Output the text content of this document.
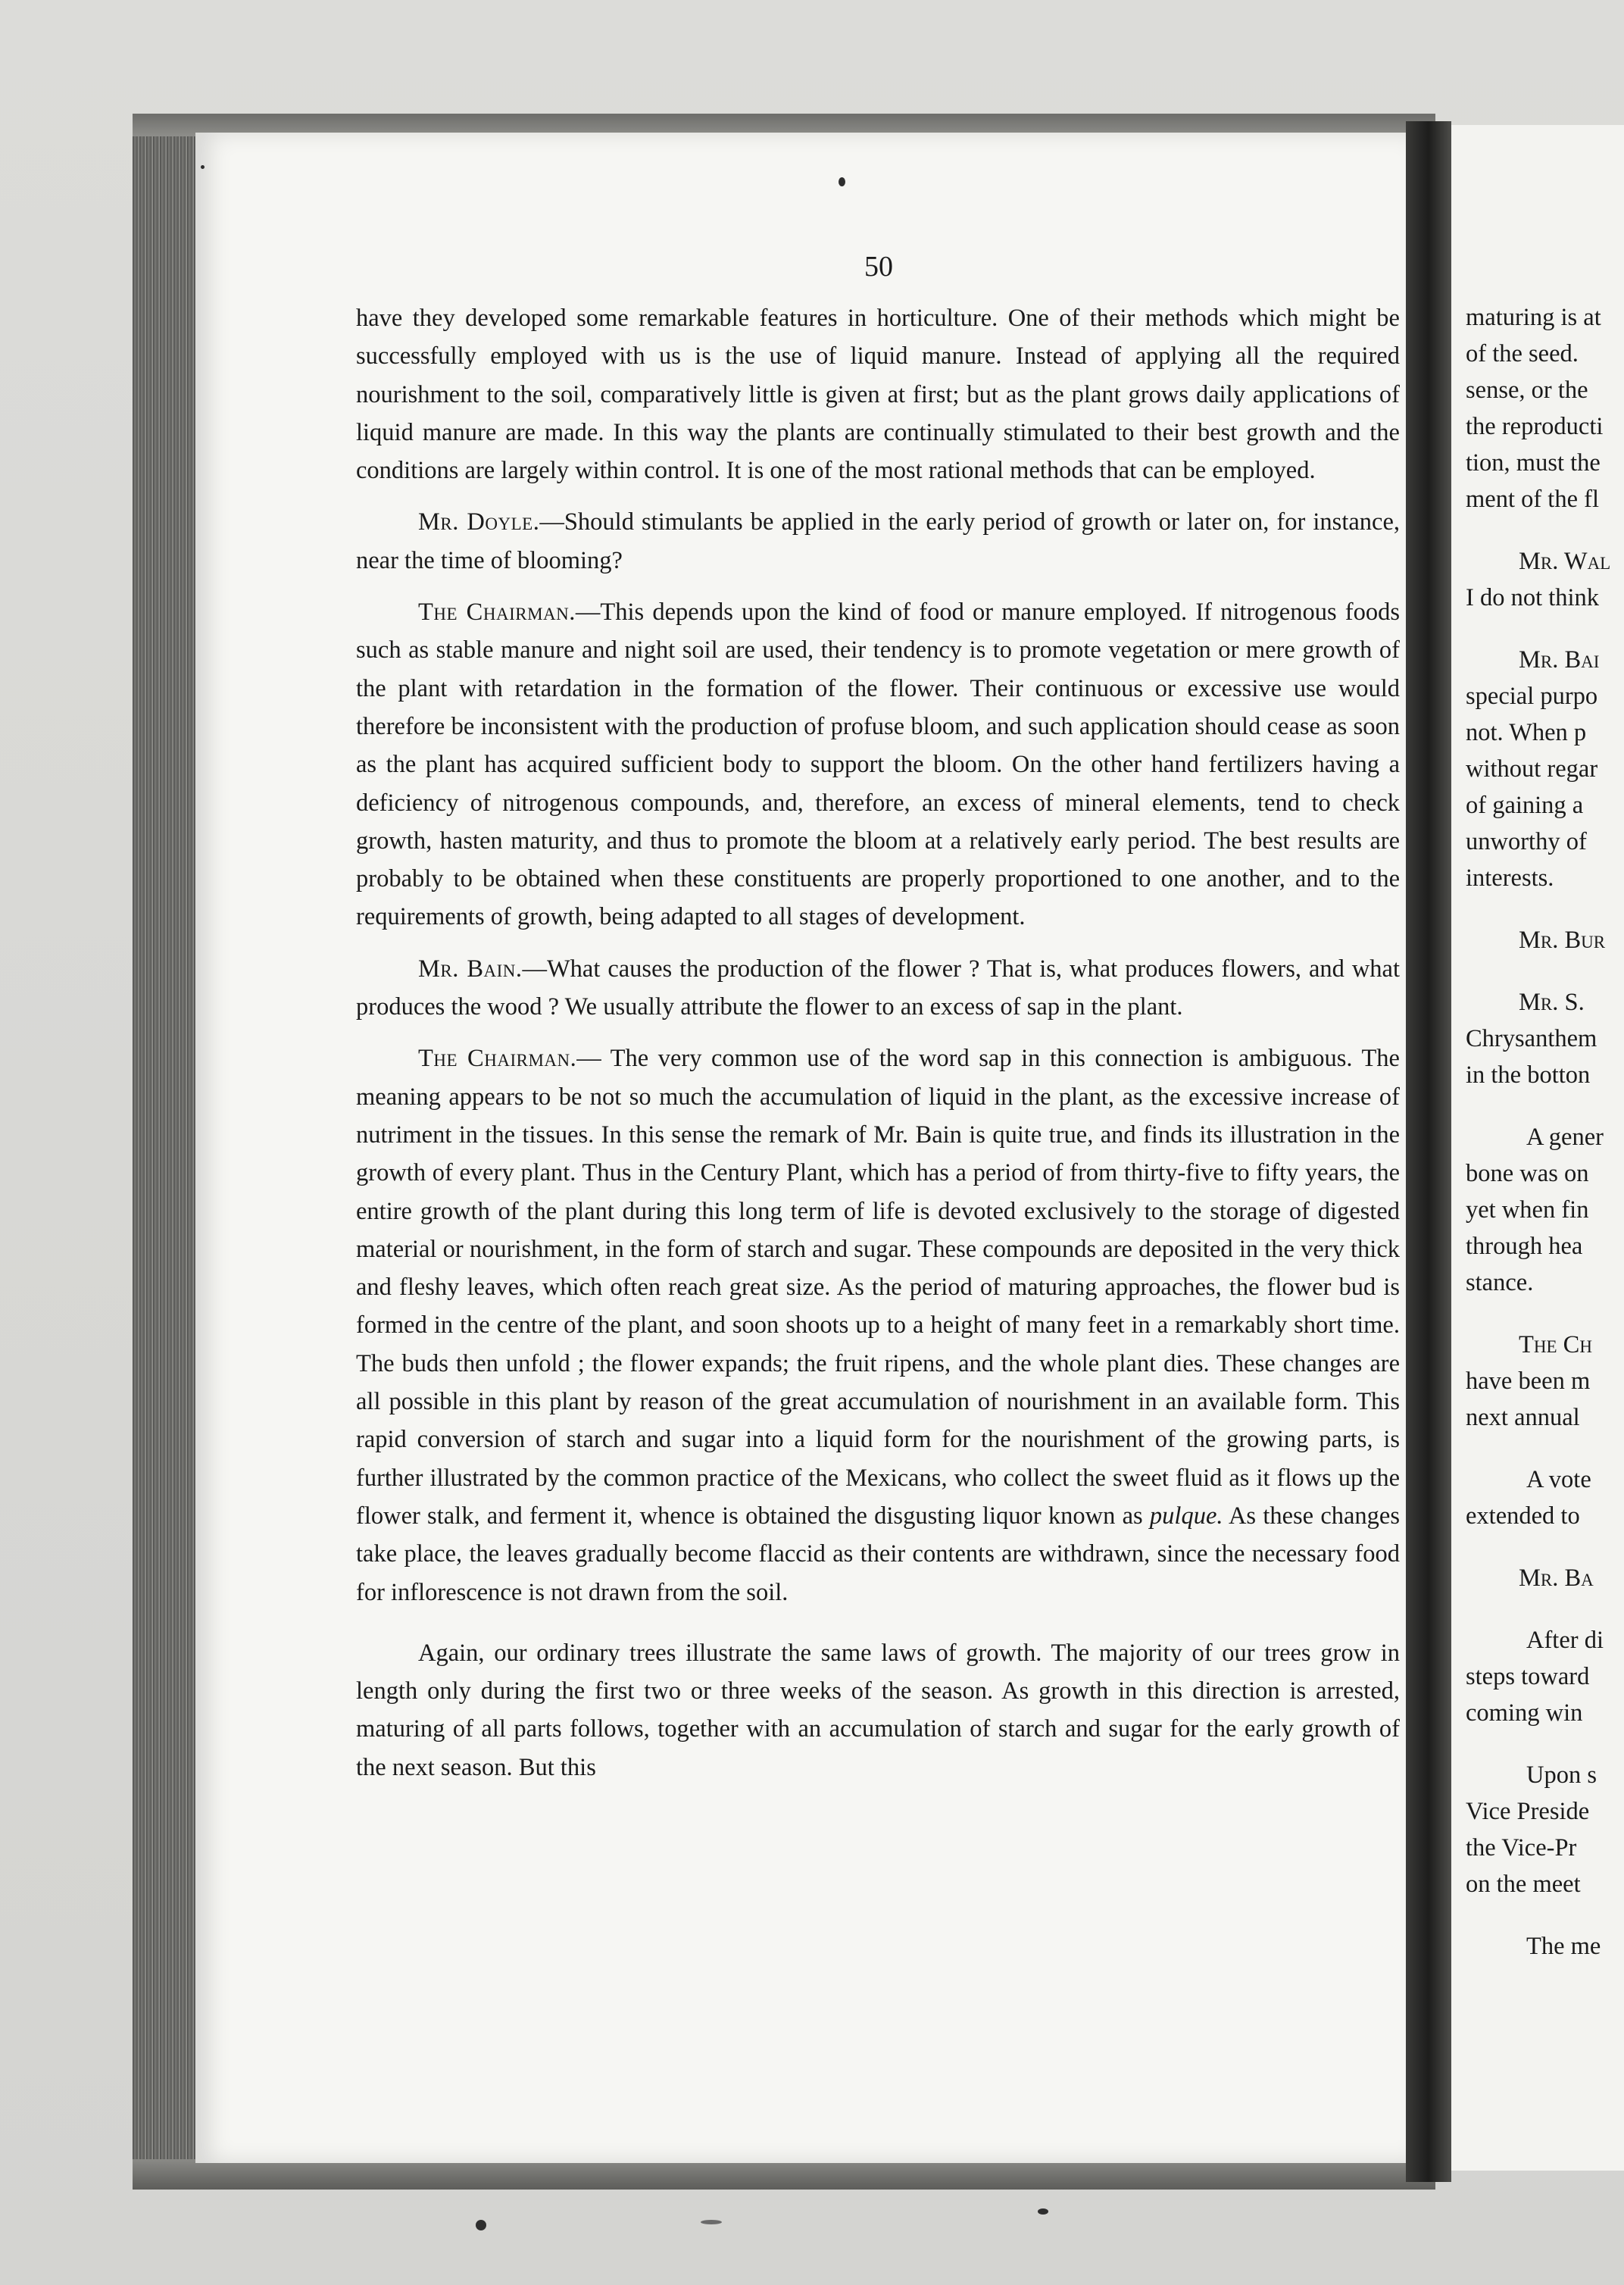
50

have they developed some remarkable features in horticulture. One of their methods which might be successfully employed with us is the use of liquid manure. Instead of applying all the required nourishment to the soil, comparatively little is given at first; but as the plant grows daily applications of liquid manure are made. In this way the plants are continually stimulated to their best growth and the conditions are largely within control. It is one of the most rational methods that can be employed.

Mr. Doyle.—Should stimulants be applied in the early period of growth or later on, for instance, near the time of blooming?

The Chairman.—This depends upon the kind of food or manure employed. If nitrogenous foods such as stable manure and night soil are used, their tendency is to promote vegetation or mere growth of the plant with retardation in the formation of the flower. Their continuous or excessive use would therefore be inconsistent with the production of profuse bloom, and such application should cease as soon as the plant has acquired sufficient body to support the bloom. On the other hand fertilizers having a deficiency of nitrogenous compounds, and, therefore, an excess of mineral elements, tend to check growth, hasten maturity, and thus to promote the bloom at a relatively early period. The best results are probably to be obtained when these constituents are properly proportioned to one another, and to the requirements of growth, being adapted to all stages of development.

Mr. Bain.—What causes the production of the flower ? That is, what produces flowers, and what produces the wood ? We usually attribute the flower to an excess of sap in the plant.

The Chairman.— The very common use of the word sap in this connection is ambiguous. The meaning appears to be not so much the accumulation of liquid in the plant, as the excessive increase of nutriment in the tissues. In this sense the remark of Mr. Bain is quite true, and finds its illustration in the growth of every plant. Thus in the Century Plant, which has a period of from thirty-five to fifty years, the entire growth of the plant during this long term of life is devoted exclusively to the storage of digested material or nourishment, in the form of starch and sugar. These compounds are deposited in the very thick and fleshy leaves, which often reach great size. As the period of maturing approaches, the flower bud is formed in the centre of the plant, and soon shoots up to a height of many feet in a remarkably short time. The buds then unfold ; the flower expands; the fruit ripens, and the whole plant dies. These changes are all possible in this plant by reason of the great accumulation of nourishment in an available form. This rapid conversion of starch and sugar into a liquid form for the nourishment of the growing parts, is further illustrated by the common practice of the Mexicans, who collect the sweet fluid as it flows up the flower stalk, and ferment it, whence is obtained the disgusting liquor known as pulque. As these changes take place, the leaves gradually become flaccid as their contents are withdrawn, since the necessary food for inflorescence is not drawn from the soil.

Again, our ordinary trees illustrate the same laws of growth. The majority of our trees grow in length only during the first two or three weeks of the season. As growth in this direction is arrested, maturing of all parts follows, together with an accumulation of starch and sugar for the early growth of the next season. But this

maturing is at
of the seed.
sense, or the
the reproducti
tion, must the
ment of the fl
Mr. Wal
I do not think
Mr. Bai
special purpo
not. When p
without regar
of gaining a
unworthy of
interests.
Mr. Bur
Mr. S.
Chrysanthem
in the botton
A gener
bone was on
yet when fin
through hea
stance.
The Ch
have been m
next annual
A vote
extended to
Mr. Ba
After di
steps toward
coming win
Upon s
Vice Preside
the Vice-Pr
on the meet
The me
